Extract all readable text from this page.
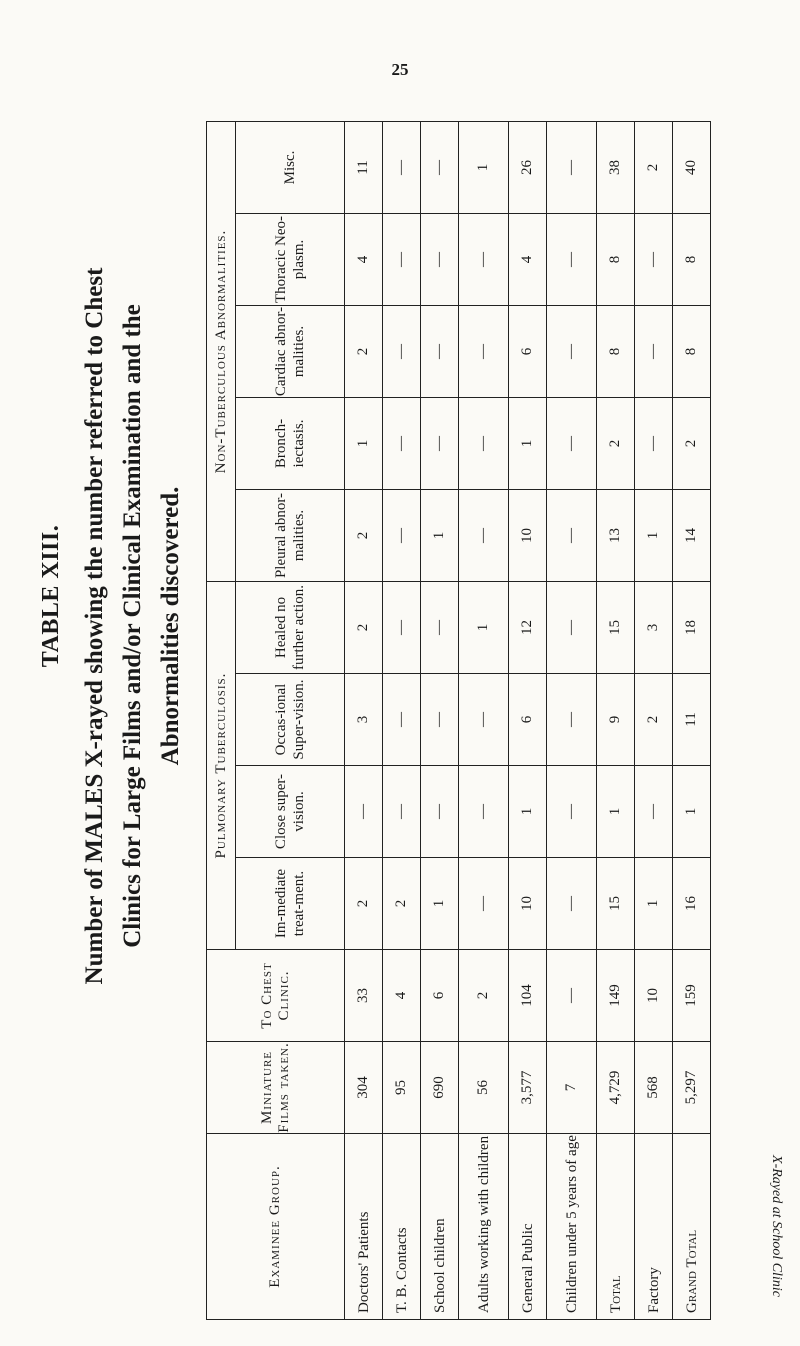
25
TABLE XIII. Number of MALES X-rayed showing the number referred to Chest Clinics for Large Films and/or Clinical Examination and the Abnormalities discovered.
Examinee Group.	Miniature Films taken.	To Chest Clinic.	Pulmonary Tuberculosis.				Non-Tuberculous Abnormalities.				
			Im-mediate treat-ment.	Close super-vision.	Occas-ional Super-vision.	Healed no further action.	Pleural abnor-malities.	Bronch-iectasis.	Cardiac abnor-malities.	Thoracic Neo-plasm.	Misc.
Doctors' Patients	304	33	2	—	3	2	2	1	2	4	11
T. B. Contacts	95	4	2	—	—	—	—	—	—	—	—
School children	690	6	1	—	—	—	1	—	—	—	—
Adults working with children	56	2	—	—	—	1	—	—	—	—	1
General Public	3,577	104	10	1	6	12	10	1	6	4	26
Children under 5 years of age	7	—	—	—	—	—	—	—	—	—	—
Total	4,729	149	15	1	9	15	13	2	8	8	38
Factory	568	10	1	—	2	3	1	—	—	—	2
Grand Total	5,297	159	16	1	11	18	14	2	8	8	40
X-Rayed at School Clinic
